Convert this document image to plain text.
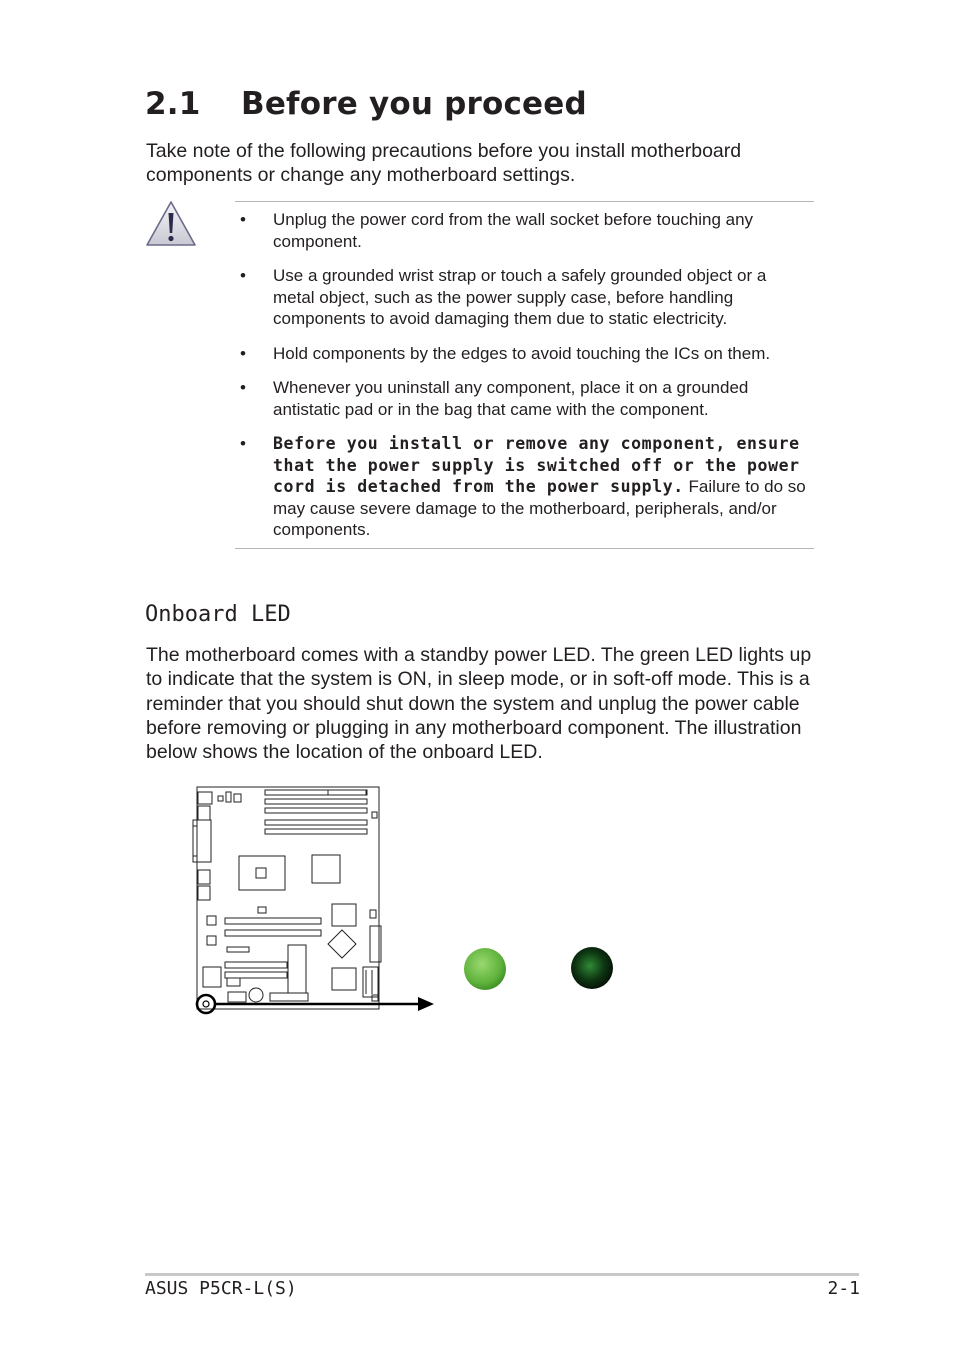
2.1 Before you proceed
Take note of the following precautions before you install motherboard components or change any motherboard settings.
• Unplug the power cord from the wall socket before touching any component.
• Use a grounded wrist strap or touch a safely grounded object or a metal object, such as the power supply case, before handling components to avoid damaging them due to static electricity.
• Hold components by the edges to avoid touching the ICs on them.
• Whenever you uninstall any component, place it on a grounded antistatic pad or in the bag that came with the component.
• Before you install or remove any component, ensure that the power supply is switched off or the power cord is detached from the power supply. Failure to do so may cause severe damage to the motherboard, peripherals, and/or components.
Onboard LED
The motherboard comes with a standby power LED. The green LED lights up to indicate that the system is ON, in sleep mode, or in soft-off mode. This is a reminder that you should shut down the system and unplug the power cable before removing or plugging in any motherboard component. The illustration below shows the location of the onboard LED.
ASUS P5CR-L(S)	2-1
